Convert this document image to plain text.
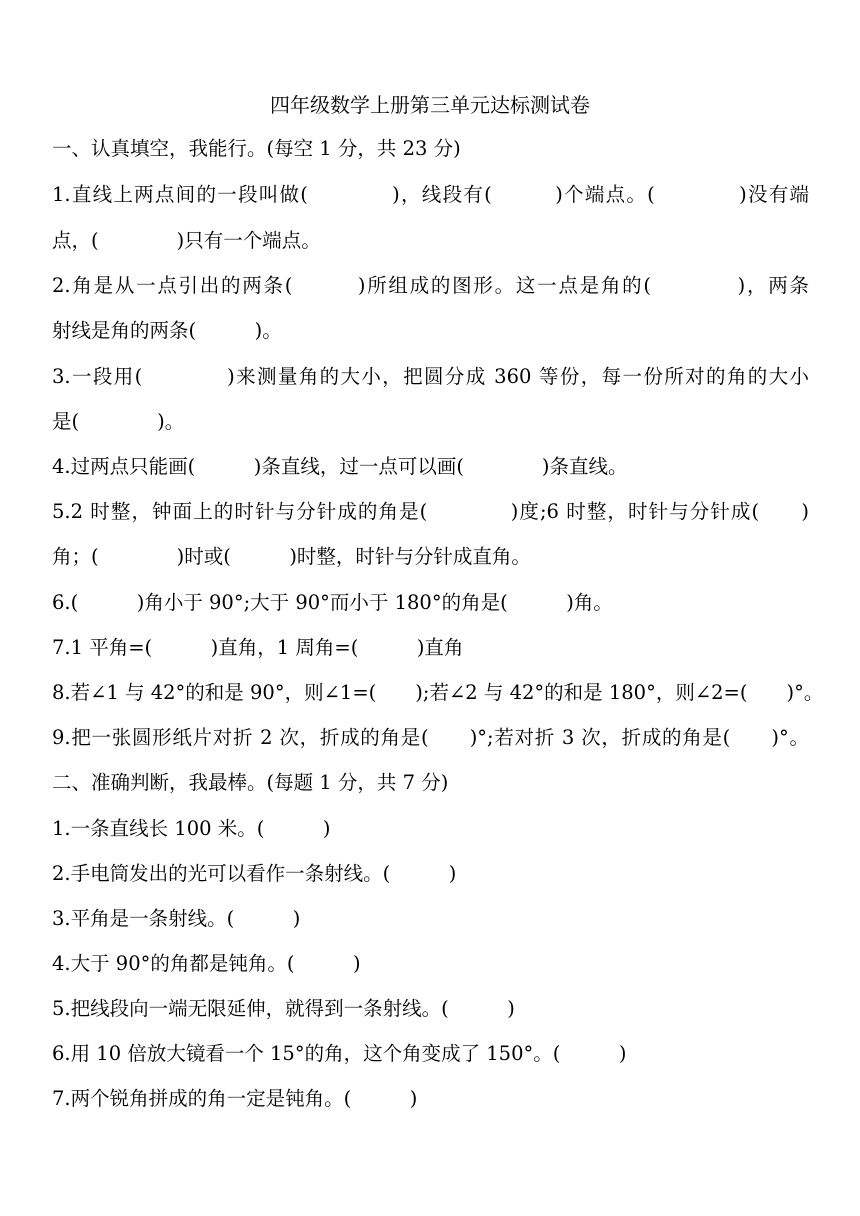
四年级数学上册第三单元达标测试卷
一、认真填空，我能行。(每空 1 分，共 23 分)
1.直线上两点间的一段叫做(　　　　)，线段有(　　　)个端点。(　　　　)没有端
点，(　　　　)只有一个端点。
2.角是从一点引出的两条(　　　)所组成的图形。这一点是角的(　　　　)，两条
射线是角的两条(　　　)。
3.一段用(　　　　)来测量角的大小，把圆分成 360 等份，每一份所对的角的大小
是(　　　　)。
4.过两点只能画(　　　)条直线，过一点可以画(　　　　)条直线。
5.2 时整，钟面上的时针与分针成的角是(　　　　)度;6 时整，时针与分针成(　　)
角；(　　　　)时或(　　　)时整，时针与分针成直角。
6.(　　　)角小于 90°;大于 90°而小于 180°的角是(　　　)角。
7.1 平角=(　　　)直角，1 周角=(　　　)直角
8.若∠1 与 42°的和是 90°，则∠1=(　　);若∠2 与 42°的和是 180°，则∠2=(　　)°。
9.把一张圆形纸片对折 2 次，折成的角是(　　)°;若对折 3 次，折成的角是(　　)°。
二、准确判断，我最棒。(每题 1 分，共 7 分)
1.一条直线长 100 米。(　　　)
2.手电筒发出的光可以看作一条射线。(　　　)
3.平角是一条射线。(　　　)
4.大于 90°的角都是钝角。(　　　)
5.把线段向一端无限延伸，就得到一条射线。(　　　)
6.用 10 倍放大镜看一个 15°的角，这个角变成了 150°。(　　　)
7.两个锐角拼成的角一定是钝角。(　　　)
